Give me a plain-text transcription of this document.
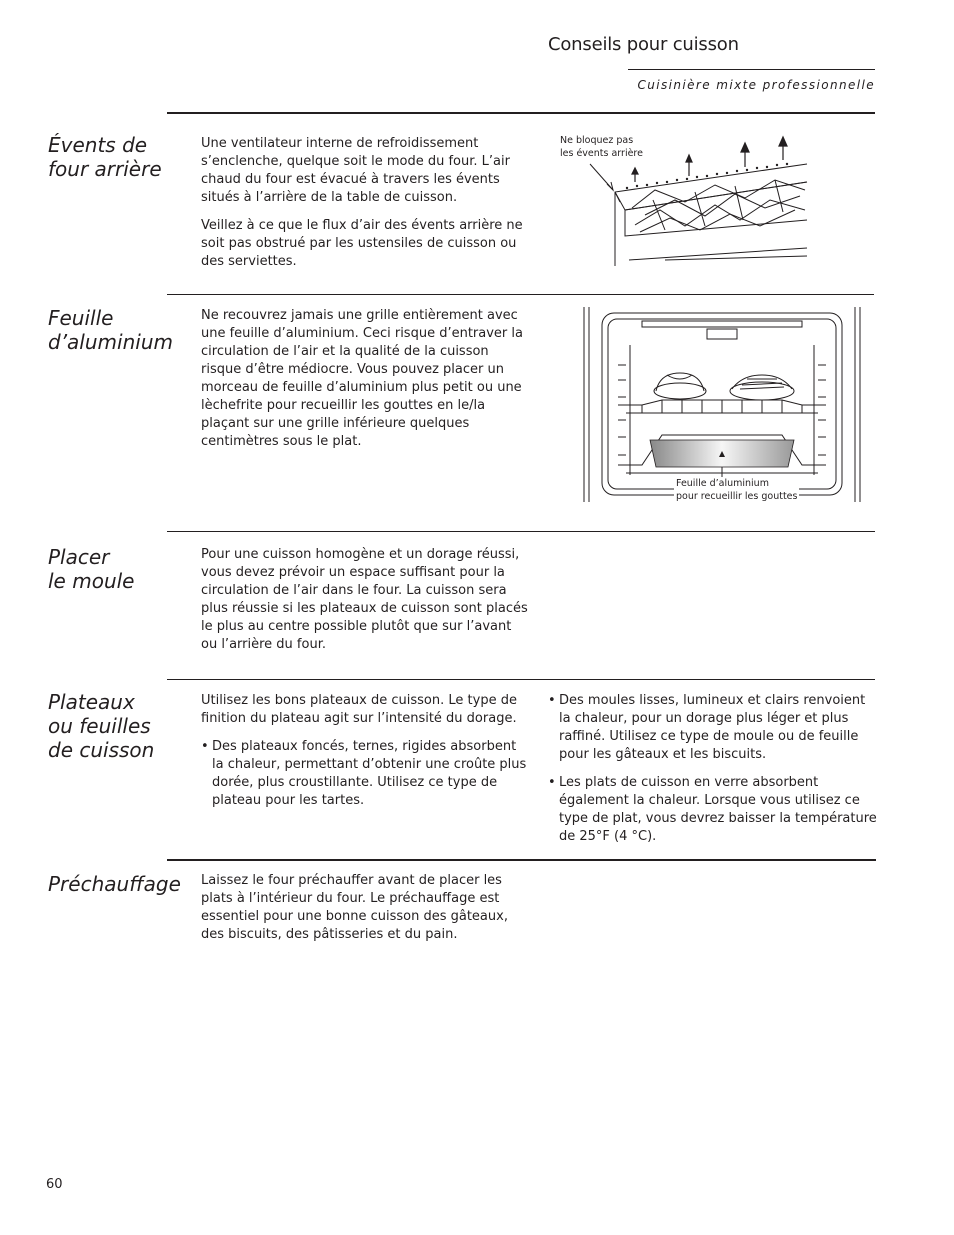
Conseils pour cuisson
Cuisinière mixte professionnelle
Évents de
four arrière

Une ventilateur interne de refroidissement s’enclenche, quelque soit le mode du four. L’air chaud du four est évacué à travers les évents situés à l’arrière de la table de cuisson.

Veillez à ce que le flux d’air des évents arrière ne soit pas obstrué par les ustensiles de cuisson ou des serviettes.

Ne bloquez pas
les évents arrière
Feuille
d’aluminium

Ne recouvrez jamais une grille entièrement avec une feuille d’aluminium. Ceci risque d’entraver la circulation de l’air et la qualité de la cuisson risque d’être médiocre. Vous pouvez placer un morceau de feuille d’aluminium plus petit ou une lèchefrite pour recueillir les gouttes en le/la plaçant sur une grille inférieure quelques centimètres sous le plat.

Feuille d’aluminium
pour recueillir les gouttes
Placer
le moule

Pour une cuisson homogène et un dorage réussi, vous devez prévoir un espace suffisant pour la circulation de l’air dans le four. La cuisson sera plus réussie si les plateaux de cuisson sont placés le plus au centre possible plutôt que sur l’avant ou l’arrière du four.

Plateaux
ou feuilles
de cuisson

Utilisez les bons plateaux de cuisson. Le type de finition du plateau agit sur l’intensité du dorage.

• Des plateaux foncés, ternes, rigides absorbent la chaleur, permettant d’obtenir une croûte plus dorée, plus croustillante. Utilisez ce type de plateau pour les tartes.

• Des moules lisses, lumineux et clairs renvoient la chaleur, pour un dorage plus léger et plus raffiné. Utilisez ce type de moule ou de feuille pour les gâteaux et les biscuits.

• Les plats de cuisson en verre absorbent également la chaleur. Lorsque vous utilisez ce type de plat, vous devrez baisser la température de 25°F (4 °C).

Préchauffage Laissez le four préchauffer avant de placer les plats à l’intérieur du four. Le préchauffage est essentiel pour une bonne cuisson des gâteaux, des biscuits, des pâtisseries et du pain.

60
